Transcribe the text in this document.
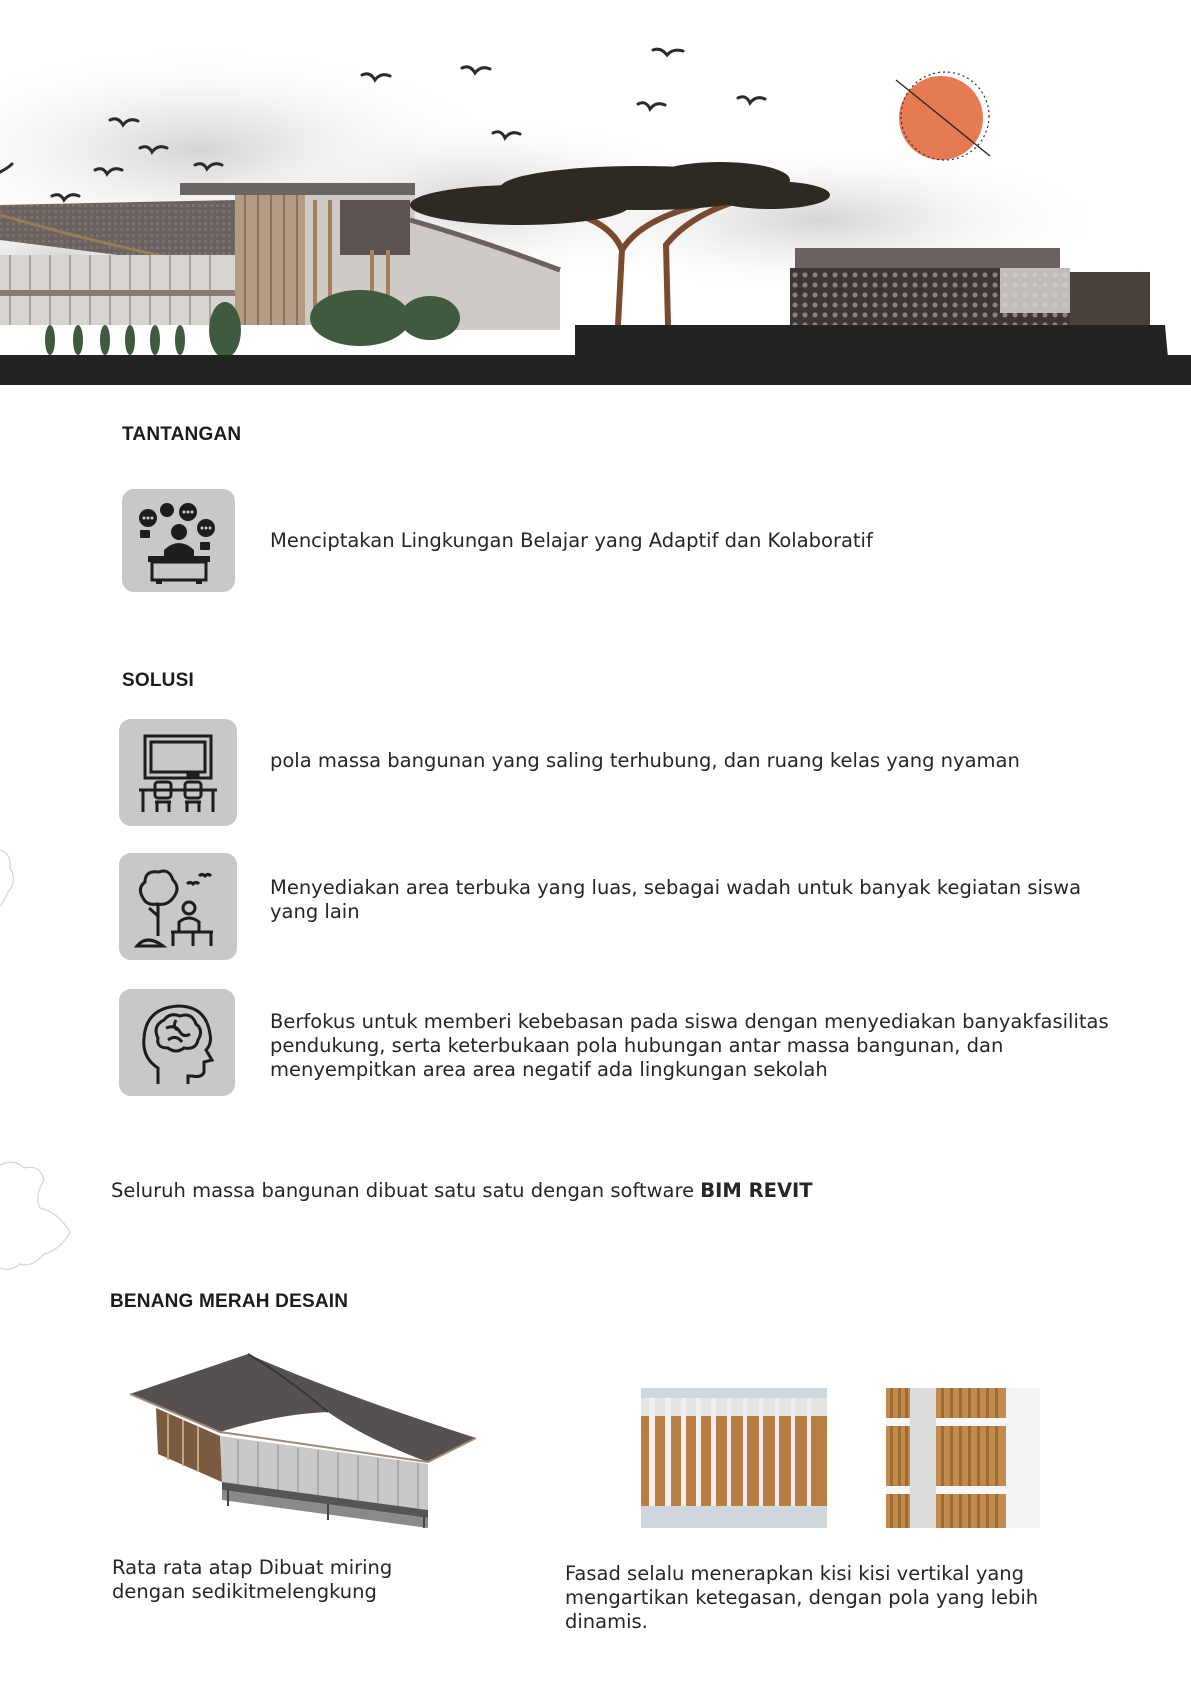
TANTANGAN
Menciptakan Lingkungan Belajar yang Adaptif dan Kolaboratif
SOLUSI
pola massa bangunan yang saling terhubung, dan ruang kelas yang nyaman
Menyediakan area terbuka yang luas, sebagai wadah untuk banyak kegiatan siswa yang lain
Berfokus untuk memberi kebebasan pada siswa dengan menyediakan banyakfasilitas pendukung, serta keterbukaan pola hubungan antar massa bangunan, dan menyempitkan area area negatif ada lingkungan sekolah
Seluruh massa bangunan dibuat satu satu dengan software BIM REVIT
BENANG MERAH DESAIN
Rata rata atap Dibuat miring dengan sedikitmelengkung
Fasad selalu menerapkan kisi kisi vertikal yang mengartikan ketegasan, dengan pola yang lebih dinamis.
